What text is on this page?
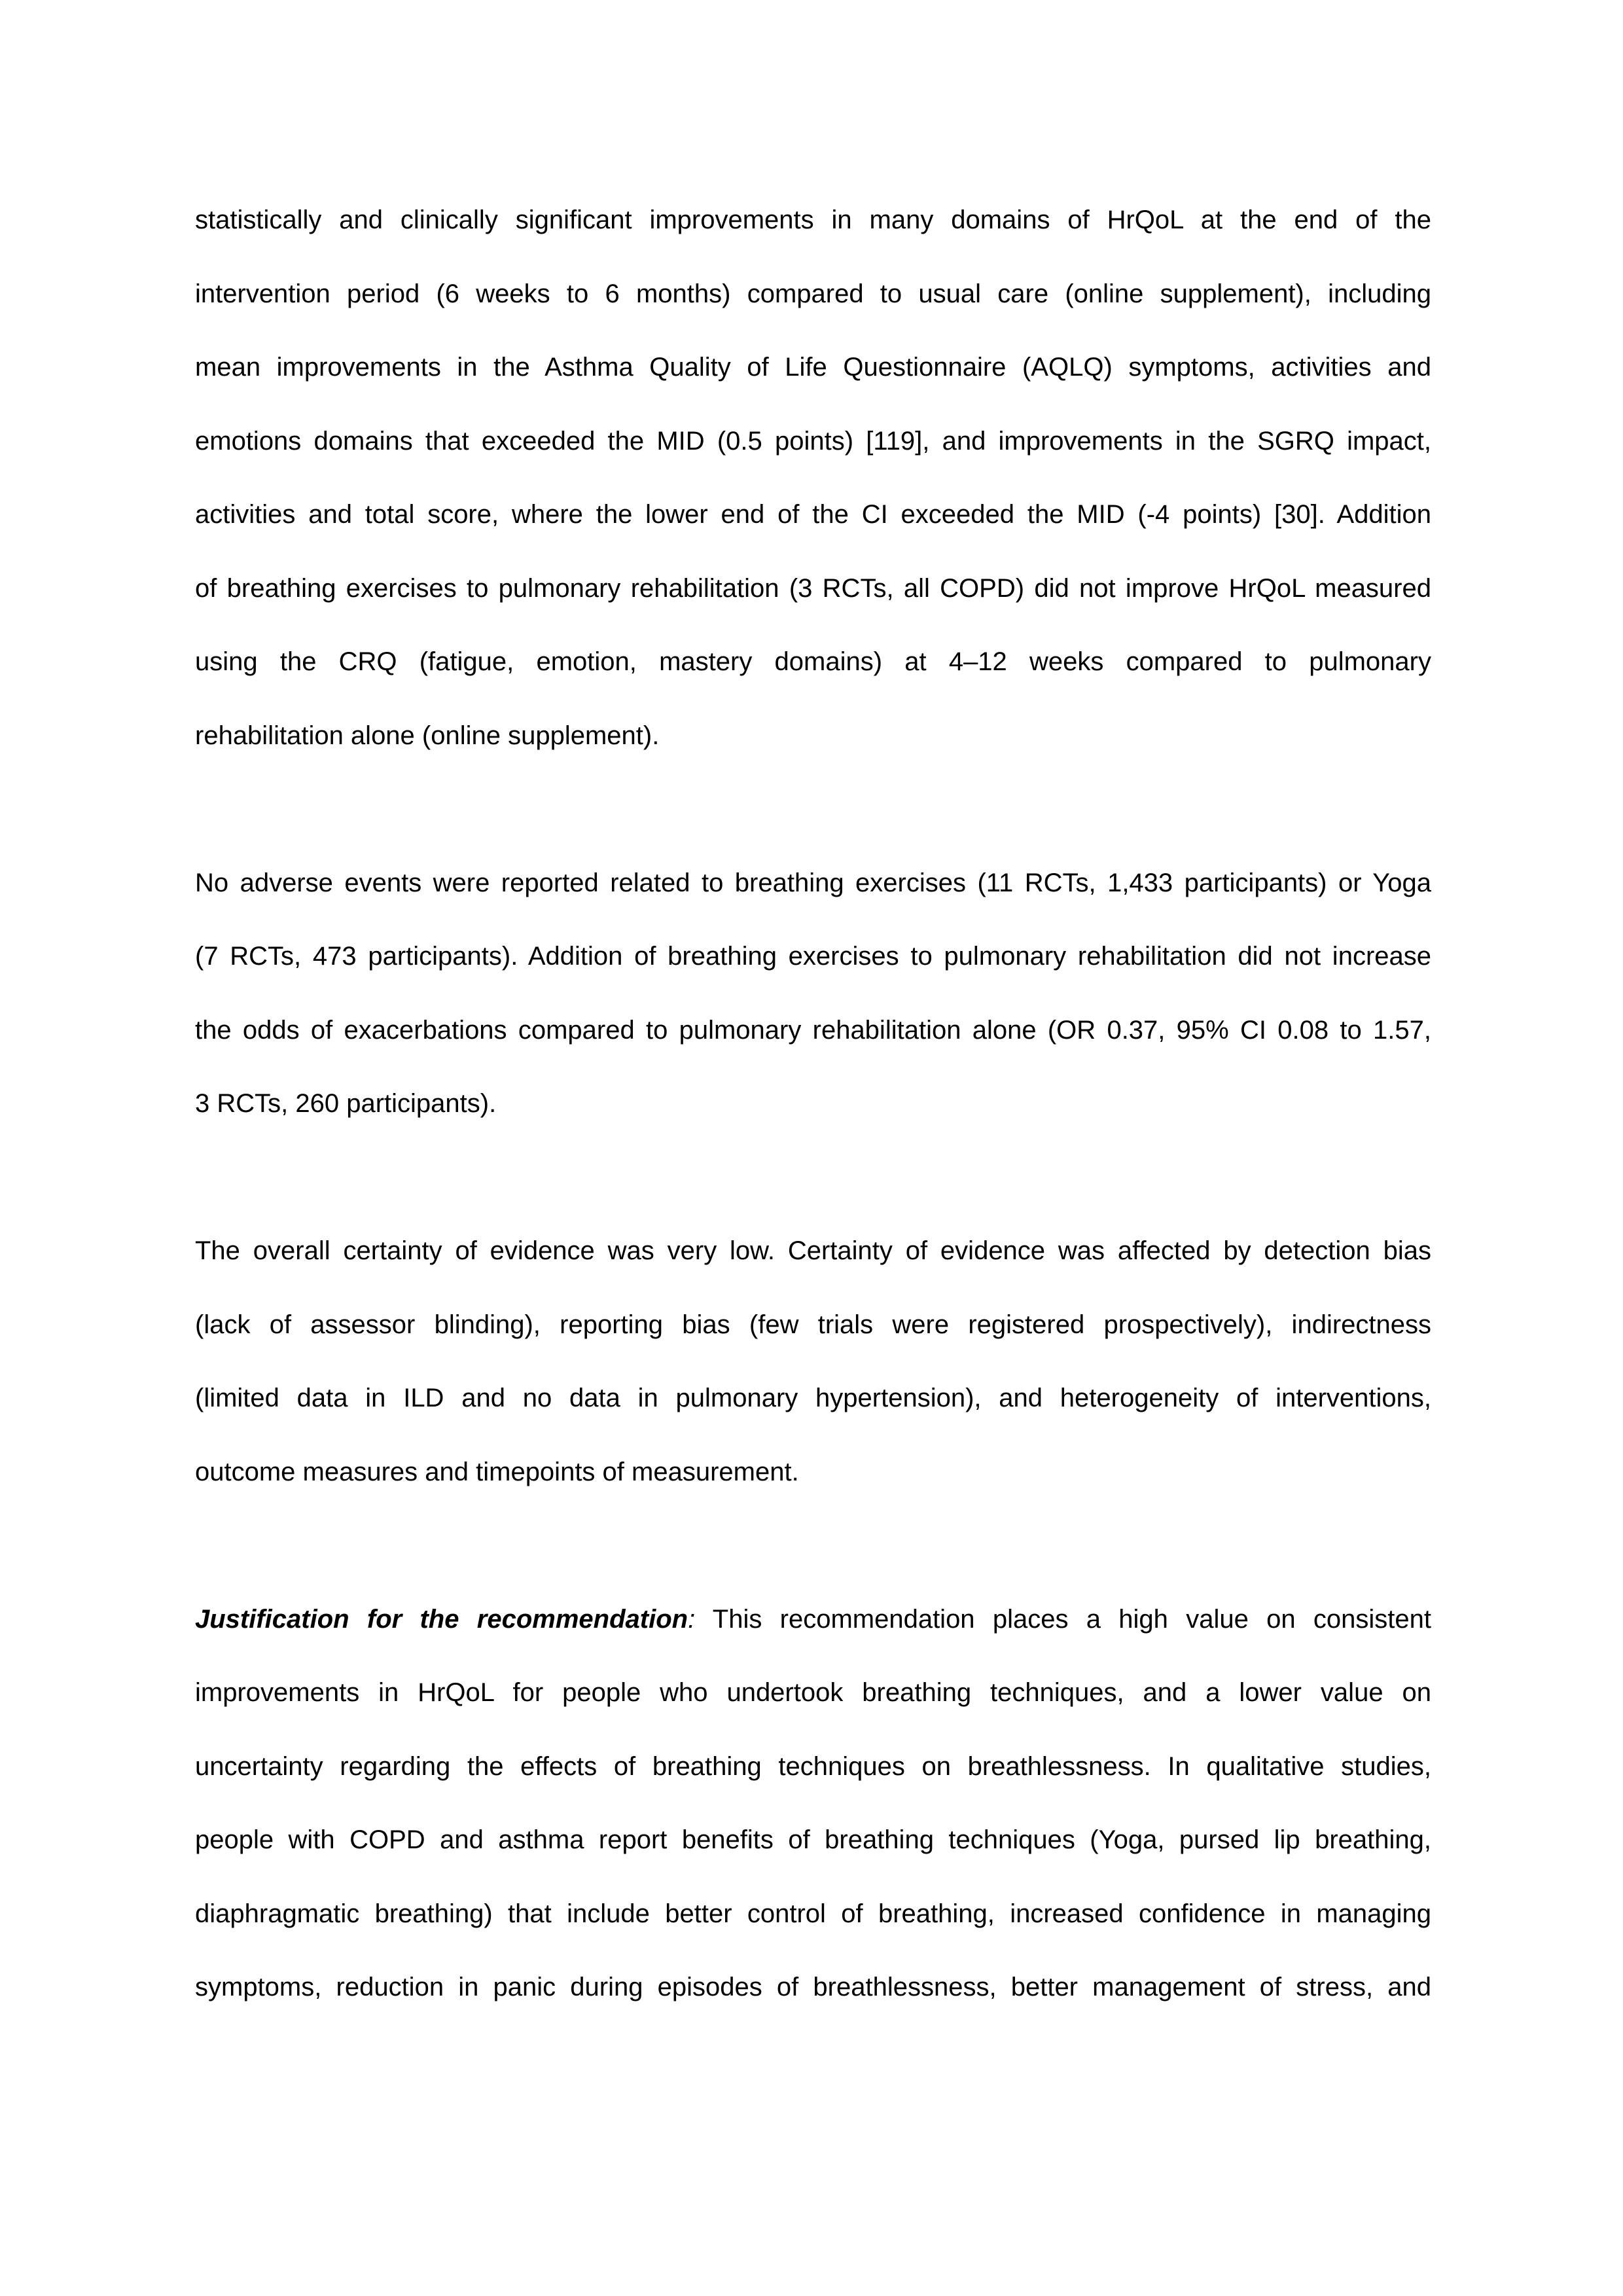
statistically and clinically significant improvements in many domains of HrQoL at the end of the
intervention period (6 weeks to 6 months) compared to usual care (online supplement), including
mean improvements in the Asthma Quality of Life Questionnaire (AQLQ) symptoms, activities and
emotions domains that exceeded the MID (0.5 points) [119], and improvements in the SGRQ impact,
activities and total score, where the lower end of the CI exceeded the MID (-4 points) [30]. Addition
of breathing exercises to pulmonary rehabilitation (3 RCTs, all COPD) did not improve HrQoL measured
using the CRQ (fatigue, emotion, mastery domains) at 4–12 weeks compared to pulmonary
rehabilitation alone (online supplement).
No adverse events were reported related to breathing exercises (11 RCTs, 1,433 participants) or Yoga
(7 RCTs, 473 participants). Addition of breathing exercises to pulmonary rehabilitation did not increase
the odds of exacerbations compared to pulmonary rehabilitation alone (OR 0.37, 95% CI 0.08 to 1.57,
3 RCTs, 260 participants).
The overall certainty of evidence was very low. Certainty of evidence was affected by detection bias
(lack of assessor blinding), reporting bias (few trials were registered prospectively), indirectness
(limited data in ILD and no data in pulmonary hypertension), and heterogeneity of interventions,
outcome measures and timepoints of measurement.
Justification for the recommendation: This recommendation places a high value on consistent
improvements in HrQoL for people who undertook breathing techniques, and a lower value on
uncertainty regarding the effects of breathing techniques on breathlessness. In qualitative studies,
people with COPD and asthma report benefits of breathing techniques (Yoga, pursed lip breathing,
diaphragmatic breathing) that include better control of breathing, increased confidence in managing
symptoms, reduction in panic during episodes of breathlessness, better management of stress, and
